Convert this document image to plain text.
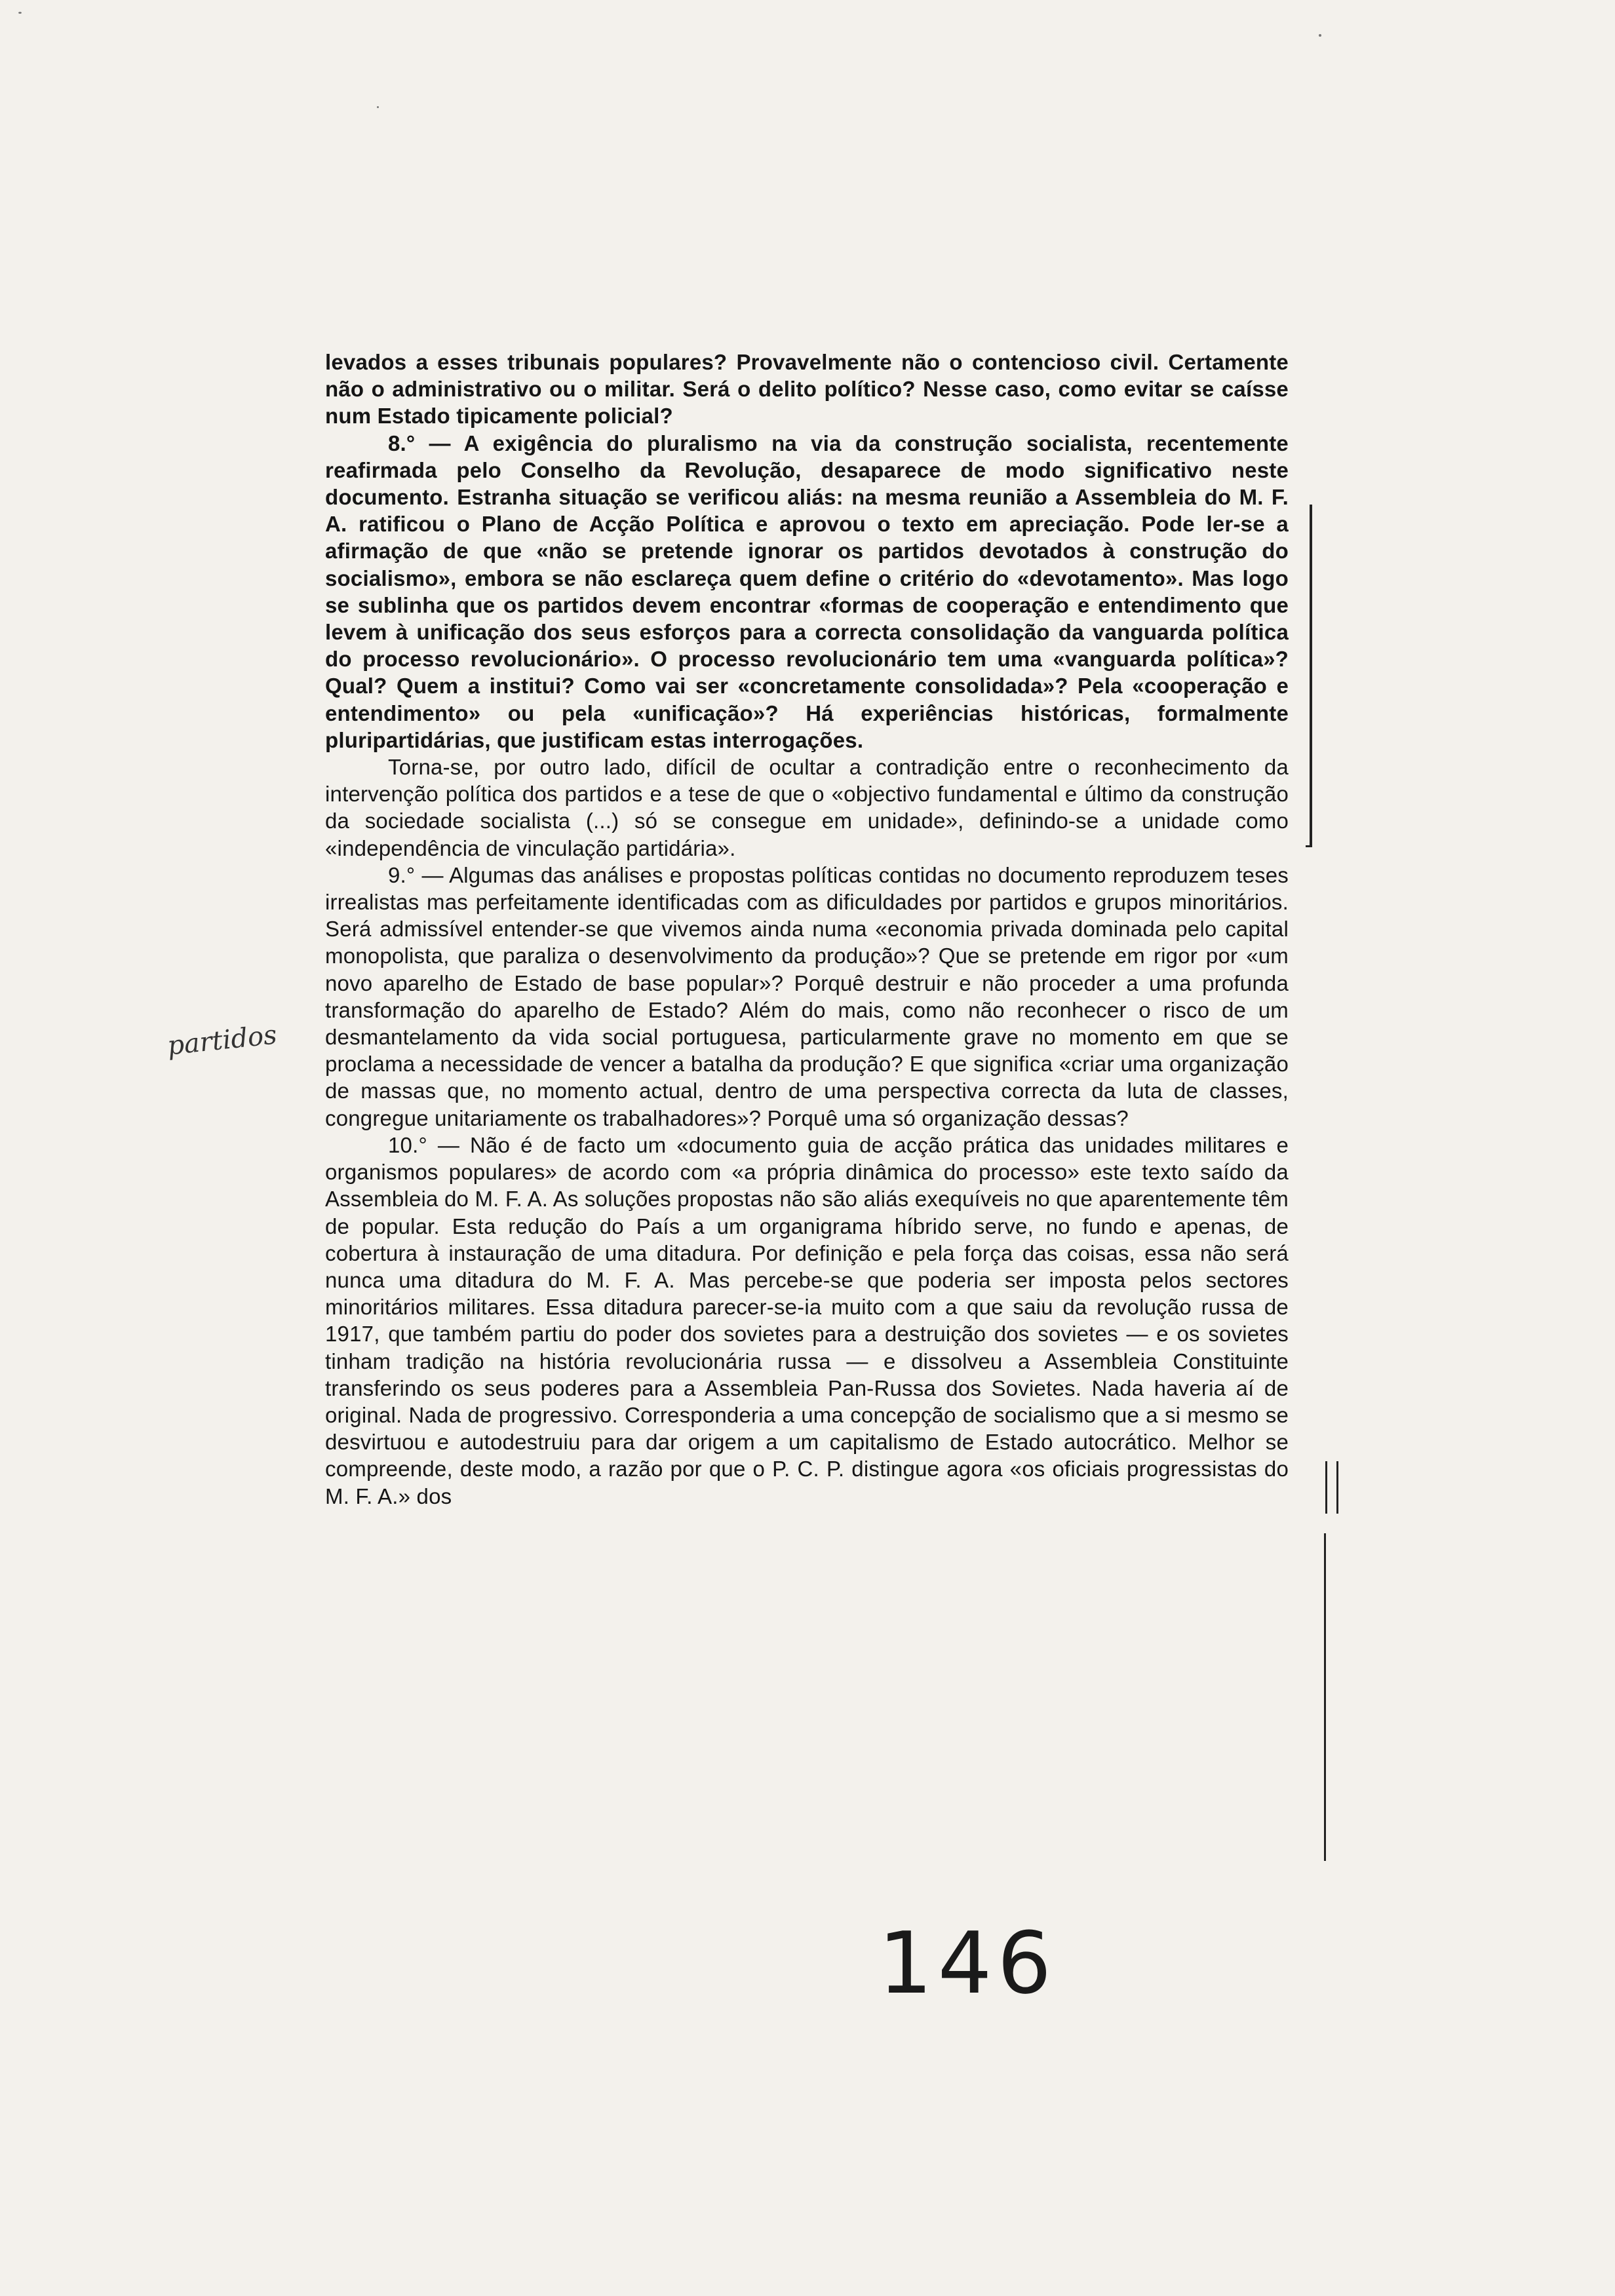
levados a esses tribunais populares? Provavelmente não o contencioso civil. Certamente não o administrativo ou o militar. Será o delito político? Nesse caso, como evitar se caísse num Estado tipicamente policial?

8.° — A exigência do pluralismo na via da construção socialista, recentemente reafirmada pelo Conselho da Revolução, desaparece de modo significativo neste documento. Estranha situação se verificou aliás: na mesma reunião a Assembleia do M. F. A. ratificou o Plano de Acção Política e aprovou o texto em apreciação. Pode ler-se a afirmação de que «não se pretende ignorar os partidos devotados à construção do socialismo», embora se não esclareça quem define o critério do «devotamento». Mas logo se sublinha que os partidos devem encontrar «formas de cooperação e entendimento que levem à unificação dos seus esforços para a correcta consolidação da vanguarda política do processo revolucionário». O processo revolucionário tem uma «vanguarda política»? Qual? Quem a institui? Como vai ser «concretamente consolidada»? Pela «cooperação e entendimento» ou pela «unificação»? Há experiências históricas, formalmente pluripartidárias, que justificam estas interrogações.

Torna-se, por outro lado, difícil de ocultar a contradição entre o reconhecimento da intervenção política dos partidos e a tese de que o «objectivo fundamental e último da construção da sociedade socialista (...) só se consegue em unidade», definindo-se a unidade como «independência de vinculação partidária».

9.° — Algumas das análises e propostas políticas contidas no documento reproduzem teses irrealistas mas perfeitamente identificadas com as dificuldades por partidos e grupos minoritários. Será admissível entender-se que vivemos ainda numa «economia privada dominada pelo capital monopolista, que paraliza o desenvolvimento da produção»? Que se pretende em rigor por «um novo aparelho de Estado de base popular»? Porquê destruir e não proceder a uma profunda transformação do aparelho de Estado? Além do mais, como não reconhecer o risco de um desmantelamento da vida social portuguesa, particularmente grave no momento em que se proclama a necessidade de vencer a batalha da produção? E que significa «criar uma organização de massas que, no momento actual, dentro de uma perspectiva correcta da luta de classes, congregue unitariamente os trabalhadores»? Porquê uma só organização dessas?

10.° — Não é de facto um «documento guia de acção prática das unidades militares e organismos populares» de acordo com «a própria dinâmica do processo» este texto saído da Assembleia do M. F. A. As soluções propostas não são aliás exequíveis no que aparentemente têm de popular. Esta redução do País a um organigrama híbrido serve, no fundo e apenas, de cobertura à instauração de uma ditadura. Por definição e pela força das coisas, essa não será nunca uma ditadura do M. F. A. Mas percebe-se que poderia ser imposta pelos sectores minoritários militares. Essa ditadura parecer-se-ia muito com a que saiu da revolução russa de 1917, que também partiu do poder dos sovietes para a destruição dos sovietes — e os sovietes tinham tradição na história revolucionária russa — e dissolveu a Assembleia Constituinte transferindo os seus poderes para a Assembleia Pan-Russa dos Sovietes. Nada haveria aí de original. Nada de progressivo. Corresponderia a uma concepção de socialismo que a si mesmo se desvirtuou e autodestruiu para dar origem a um capitalismo de Estado autocrático. Melhor se compreende, deste modo, a razão por que o P. C. P. distingue agora «os oficiais progressistas do M. F. A.» dos

partidos
146
